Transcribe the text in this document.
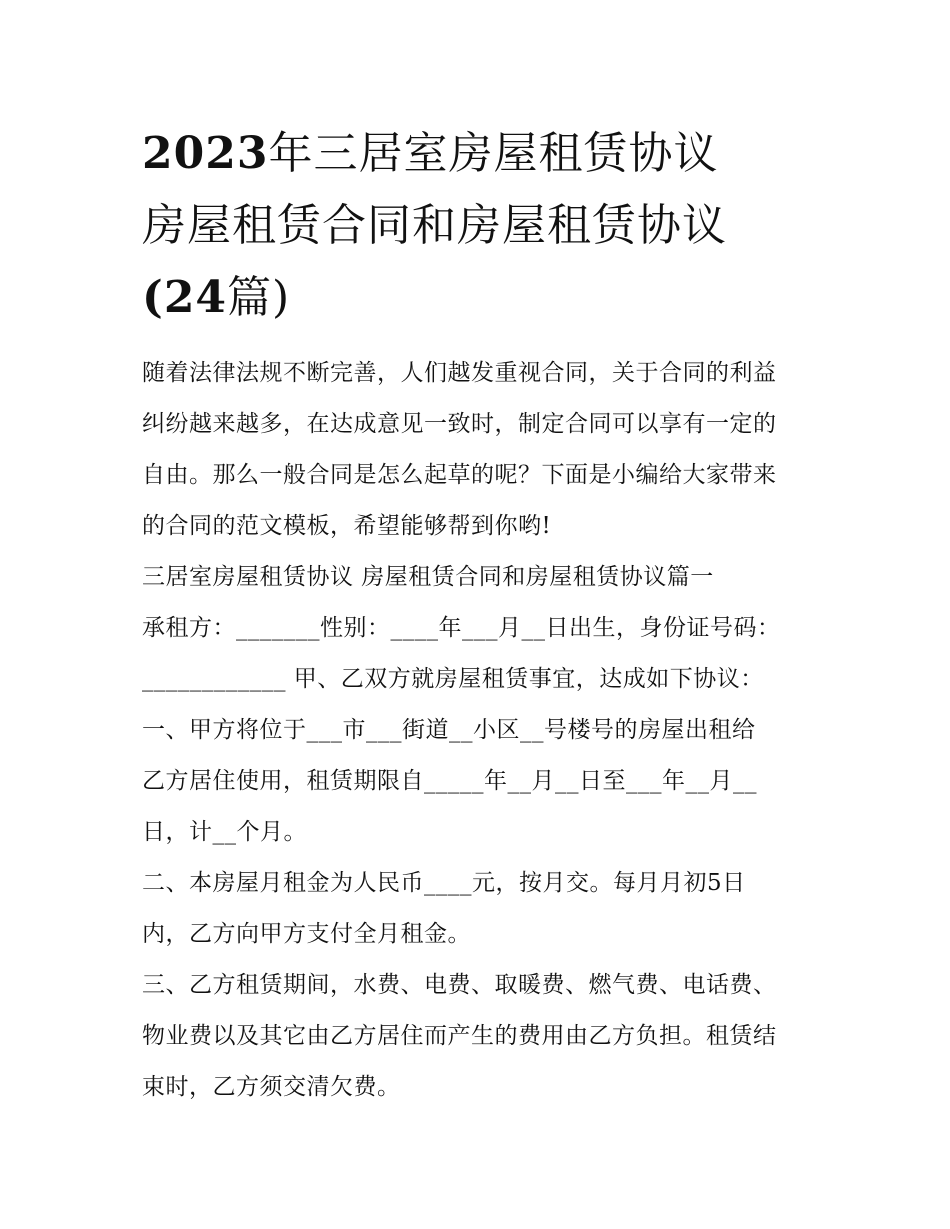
2023年三居室房屋租赁协议
房屋租赁合同和房屋租赁协议
(24篇)
随着法律法规不断完善，人们越发重视合同，关于合同的利益
纠纷越来越多，在达成意见一致时，制定合同可以享有一定的
自由。那么一般合同是怎么起草的呢？下面是小编给大家带来
的合同的范文模板，希望能够帮到你哟!

三居室房屋租赁协议 房屋租赁合同和房屋租赁协议篇一

承租方：_______性别：____年___月__日出生，身份证号码：

____________ 甲、乙双方就房屋租赁事宜，达成如下协议：

一、甲方将位于___市___街道__小区__号楼号的房屋出租给

乙方居住使用，租赁期限自_____年__月__日至___年__月__

日，计__个月。

二、本房屋月租金为人民币____元，按月交。每月月初5日

内，乙方向甲方支付全月租金。

三、乙方租赁期间，水费、电费、取暖费、燃气费、电话费、

物业费以及其它由乙方居住而产生的费用由乙方负担。租赁结

束时，乙方须交清欠费。
